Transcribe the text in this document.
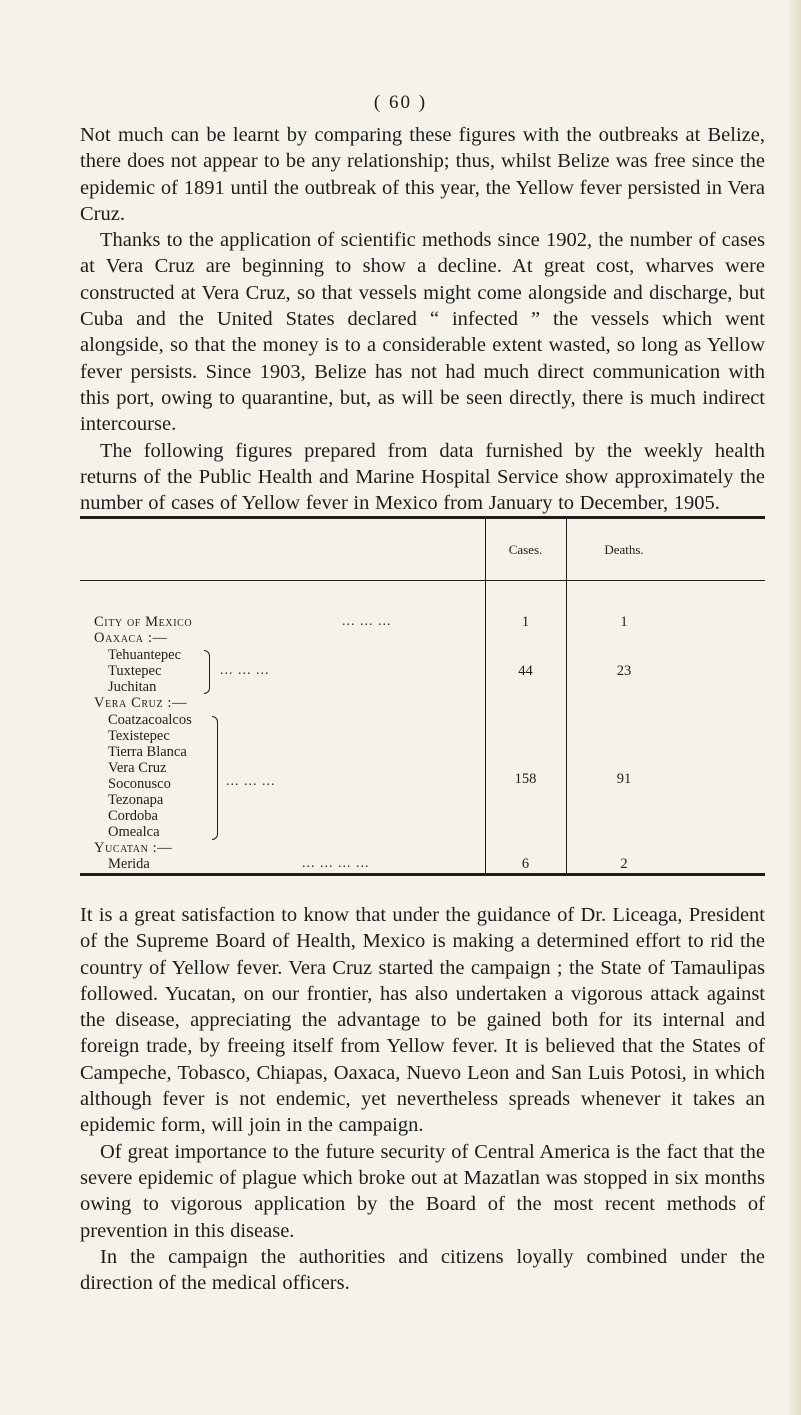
( 60 )

Not much can be learnt by comparing these figures with the outbreaks at Belize, there does not appear to be any relationship; thus, whilst Belize was free since the epidemic of 1891 until the outbreak of this year, the Yellow fever persisted in Vera Cruz.

Thanks to the application of scientific methods since 1902, the number of cases at Vera Cruz are beginning to show a decline. At great cost, wharves were constructed at Vera Cruz, so that vessels might come alongside and discharge, but Cuba and the United States declared “ infected ” the vessels which went alongside, so that the money is to a considerable extent wasted, so long as Yellow fever persists. Since 1903, Belize has not had much direct communication with this port, owing to quarantine, but, as will be seen directly, there is much indirect intercourse.

The following figures prepared from data furnished by the weekly health returns of the Public Health and Marine Hospital Service show approximately the number of cases of Yellow fever in Mexico from January to December, 1905.

Cases.	Deaths.
City of Mexico	... ... ...	1	1
Oaxaca :—
Tehuantepec
Tuxtepec
Juchitan
... ... ...	44	23
Vera Cruz :—
Coatzacoalcos
Texistepec
Tierra Blanca
Vera Cruz
Soconusco
Tezonapa
Cordoba
Omealca
... ... ...	158	91
Yucatan :—
Merida	... ... ... ...	6	2

It is a great satisfaction to know that under the guidance of Dr. Liceaga, President of the Supreme Board of Health, Mexico is making a determined effort to rid the country of Yellow fever. Vera Cruz started the campaign ; the State of Tamaulipas followed. Yucatan, on our frontier, has also undertaken a vigorous attack against the disease, appreciating the advantage to be gained both for its internal and foreign trade, by freeing itself from Yellow fever. It is believed that the States of Campeche, Tobasco, Chiapas, Oaxaca, Nuevo Leon and San Luis Potosi, in which although fever is not endemic, yet nevertheless spreads whenever it takes an epidemic form, will join in the campaign.

Of great importance to the future security of Central America is the fact that the severe epidemic of plague which broke out at Mazatlan was stopped in six months owing to vigorous application by the Board of the most recent methods of prevention in this disease.

In the campaign the authorities and citizens loyally combined under the direction of the medical officers.
